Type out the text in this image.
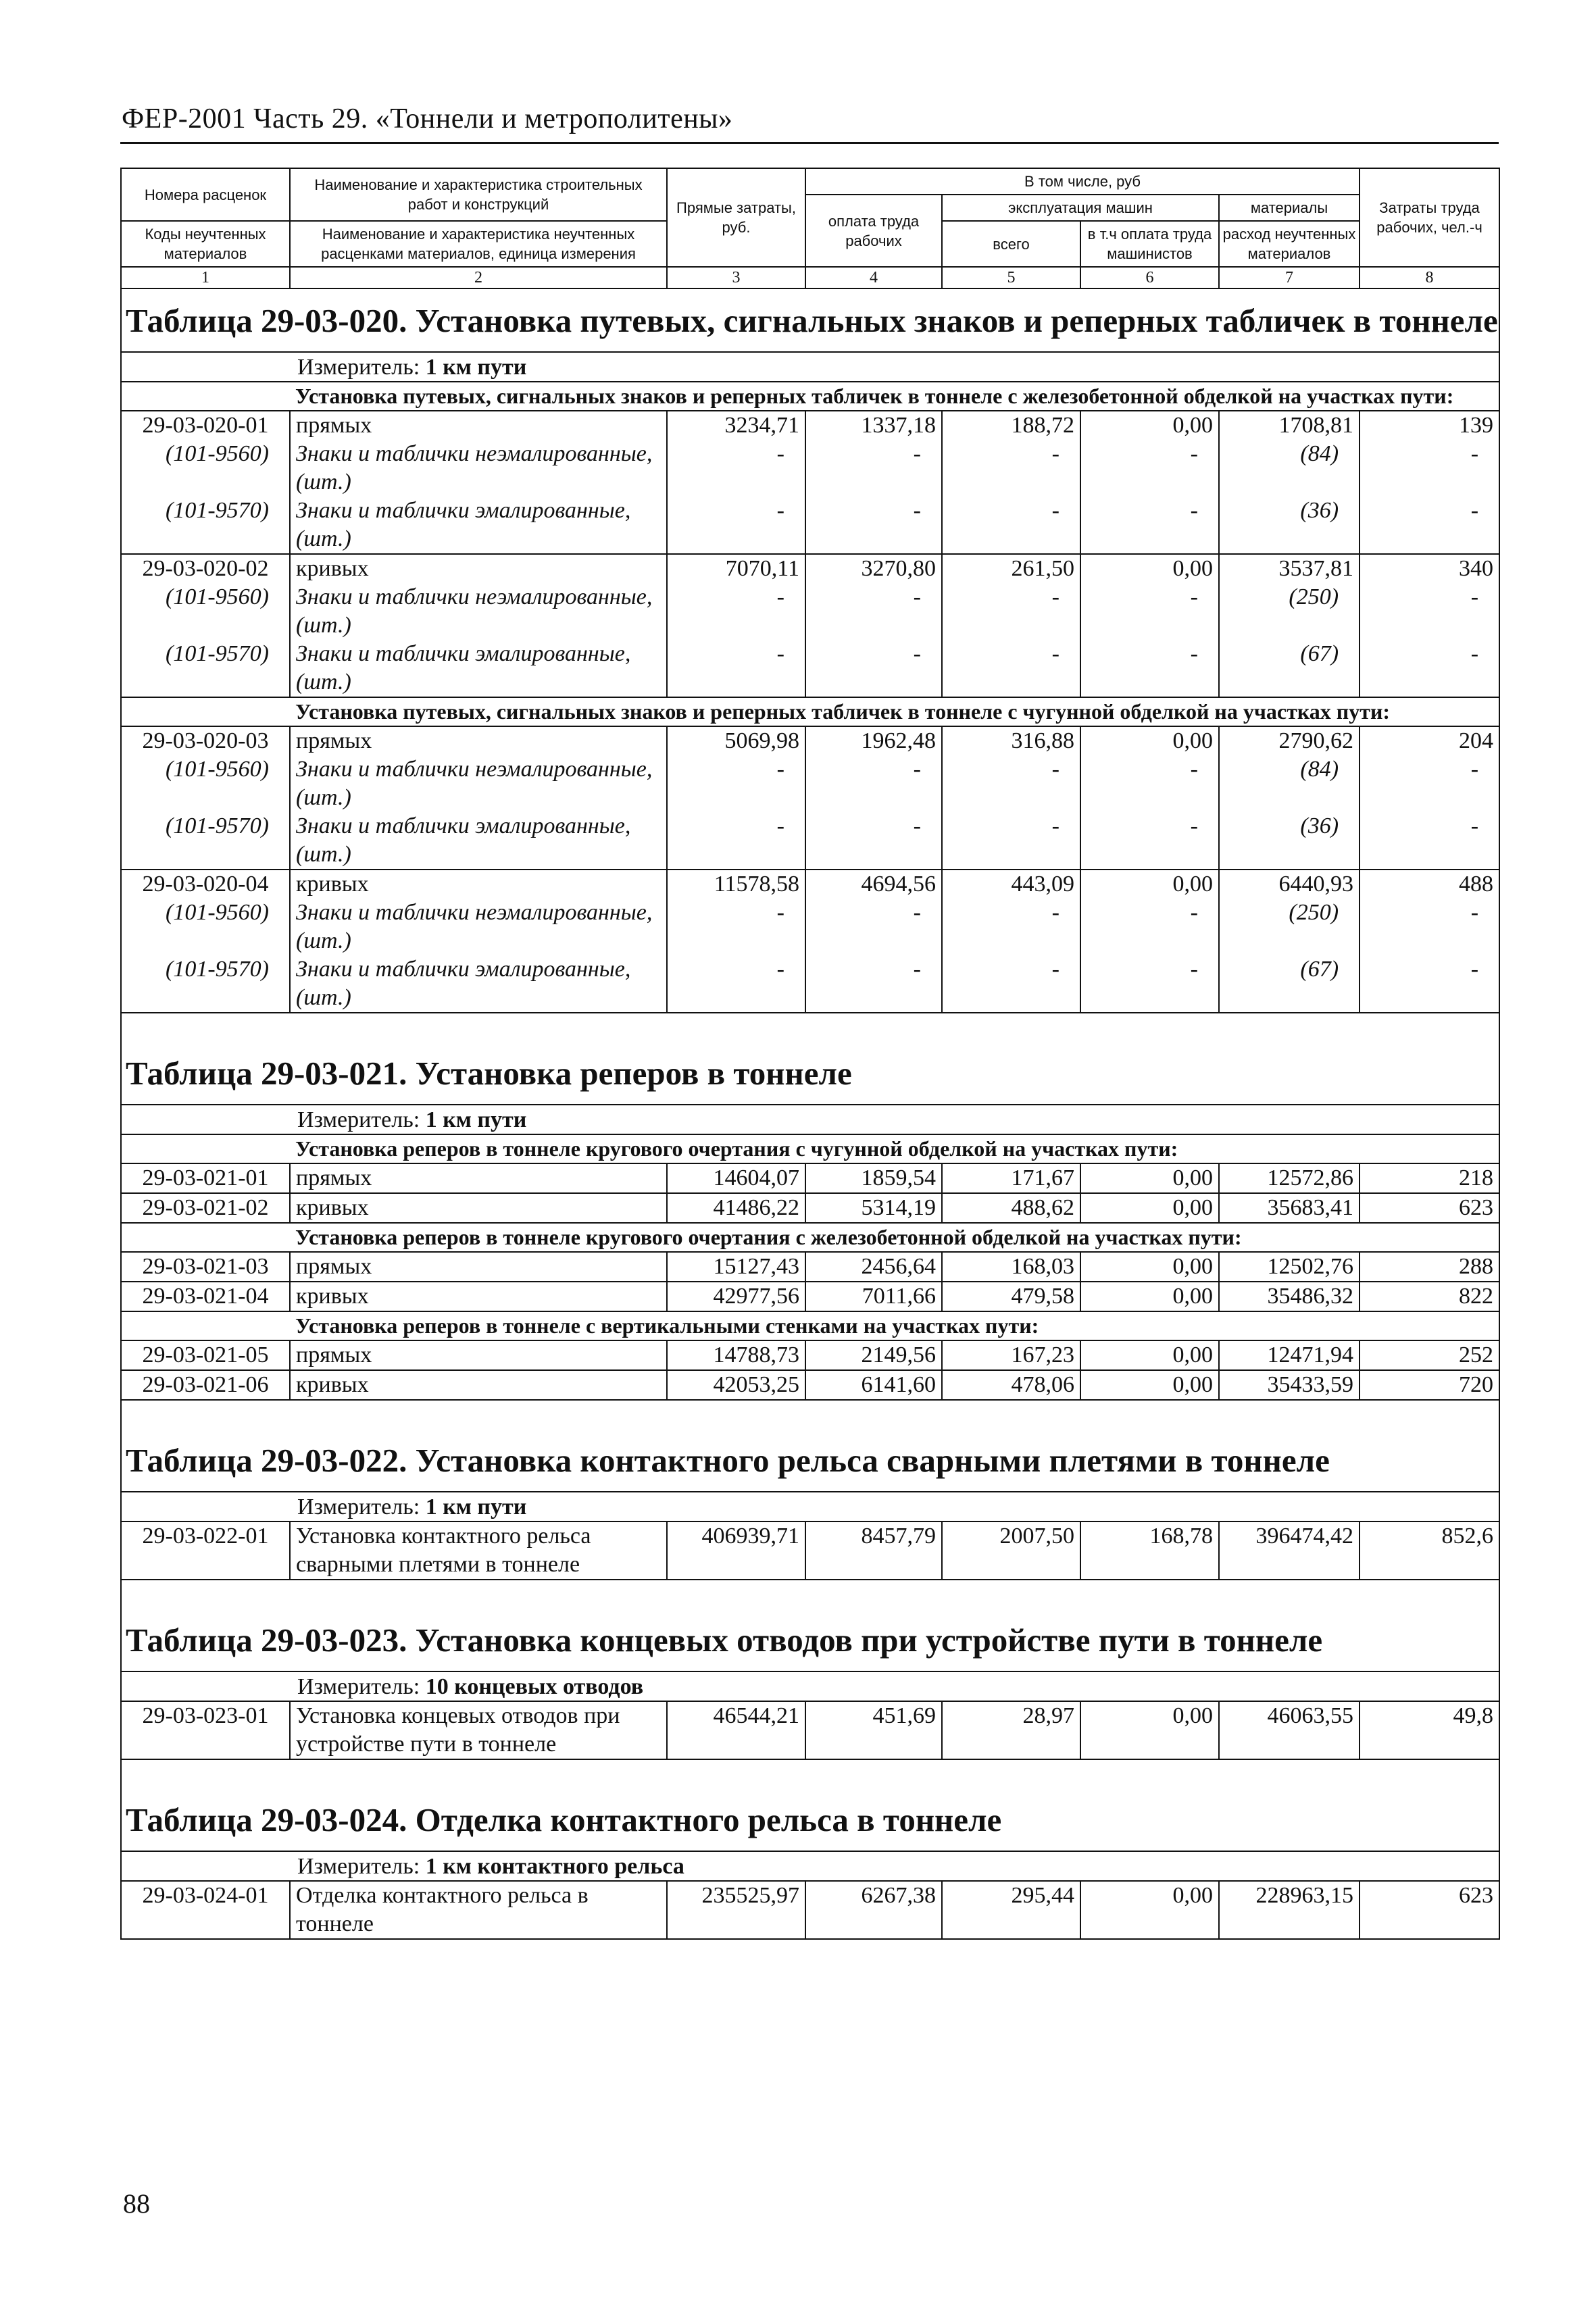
ФЕР-2001 Часть 29. «Тоннели и метрополитены»
Номера расценок	Наименование и характеристика строительных работ и конструкций	Прямые затраты, руб.	В том числе, руб				Затраты труда рабочих, чел.-ч
			оплата труда рабочих	эксплуатация машин		материалы	
Коды неучтенных материалов	Наименование и характеристика неучтенных расценками материалов, единица измерения			всего	в т.ч оплата труда машинистов	расход неучтенных материалов	

1	2	3	4	5	6	7	8
Таблица 29-03-020. Установка путевых, сигнальных знаков и реперных табличек в тоннеле							
Измеритель: 1 км пути							
	Установка путевых, сигнальных знаков и реперных табличек в тоннеле с железобетонной обделкой на участках пути:						
29-03-020-01	прямых	3234,71	1337,18	188,72	0,00	1708,81	139
(101-9560)	Знаки и таблички неэмалированные, (шт.)	-	-	-	-	(84)	-
(101-9570)	Знаки и таблички эмалированные, (шт.)	-	-	-	-	(36)	-
29-03-020-02	кривых	7070,11	3270,80	261,50	0,00	3537,81	340
(101-9560)	Знаки и таблички неэмалированные, (шт.)	-	-	-	-	(250)	-
(101-9570)	Знаки и таблички эмалированные, (шт.)	-	-	-	-	(67)	-
	Установка путевых, сигнальных знаков и реперных табличек в тоннеле с чугунной обделкой на участках пути:						
29-03-020-03	прямых	5069,98	1962,48	316,88	0,00	2790,62	204
(101-9560)	Знаки и таблички неэмалированные, (шт.)	-	-	-	-	(84)	-
(101-9570)	Знаки и таблички эмалированные, (шт.)	-	-	-	-	(36)	-
29-03-020-04	кривых	11578,58	4694,56	443,09	0,00	6440,93	488
(101-9560)	Знаки и таблички неэмалированные, (шт.)	-	-	-	-	(250)	-
(101-9570)	Знаки и таблички эмалированные, (шт.)	-	-	-	-	(67)	-

Таблица 29-03-021. Установка реперов в тоннеле							
Измеритель: 1 км пути							
	Установка реперов в тоннеле кругового очертания с чугунной обделкой на участках пути:						
29-03-021-01	прямых	14604,07	1859,54	171,67	0,00	12572,86	218
29-03-021-02	кривых	41486,22	5314,19	488,62	0,00	35683,41	623
	Установка реперов в тоннеле кругового очертания с железобетонной обделкой на участках пути:						
29-03-021-03	прямых	15127,43	2456,64	168,03	0,00	12502,76	288
29-03-021-04	кривых	42977,56	7011,66	479,58	0,00	35486,32	822
	Установка реперов в тоннеле с вертикальными стенками на участках пути:						
29-03-021-05	прямых	14788,73	2149,56	167,23	0,00	12471,94	252
29-03-021-06	кривых	42053,25	6141,60	478,06	0,00	35433,59	720

Таблица 29-03-022. Установка контактного рельса сварными плетями в тоннеле							
Измеритель: 1 км пути							
29-03-022-01	Установка контактного рельса сварными плетями в тоннеле	406939,71	8457,79	2007,50	168,78	396474,42	852,6

Таблица 29-03-023. Установка концевых отводов при устройстве пути в тоннеле							
Измеритель: 10 концевых отводов							
29-03-023-01	Установка концевых отводов при устройстве пути в тоннеле	46544,21	451,69	28,97	0,00	46063,55	49,8

Таблица 29-03-024. Отделка контактного рельса в тоннеле							
Измеритель: 1 км контактного рельса							
29-03-024-01	Отделка контактного рельса в тоннеле	235525,97	6267,38	295,44	0,00	228963,15	623
88
